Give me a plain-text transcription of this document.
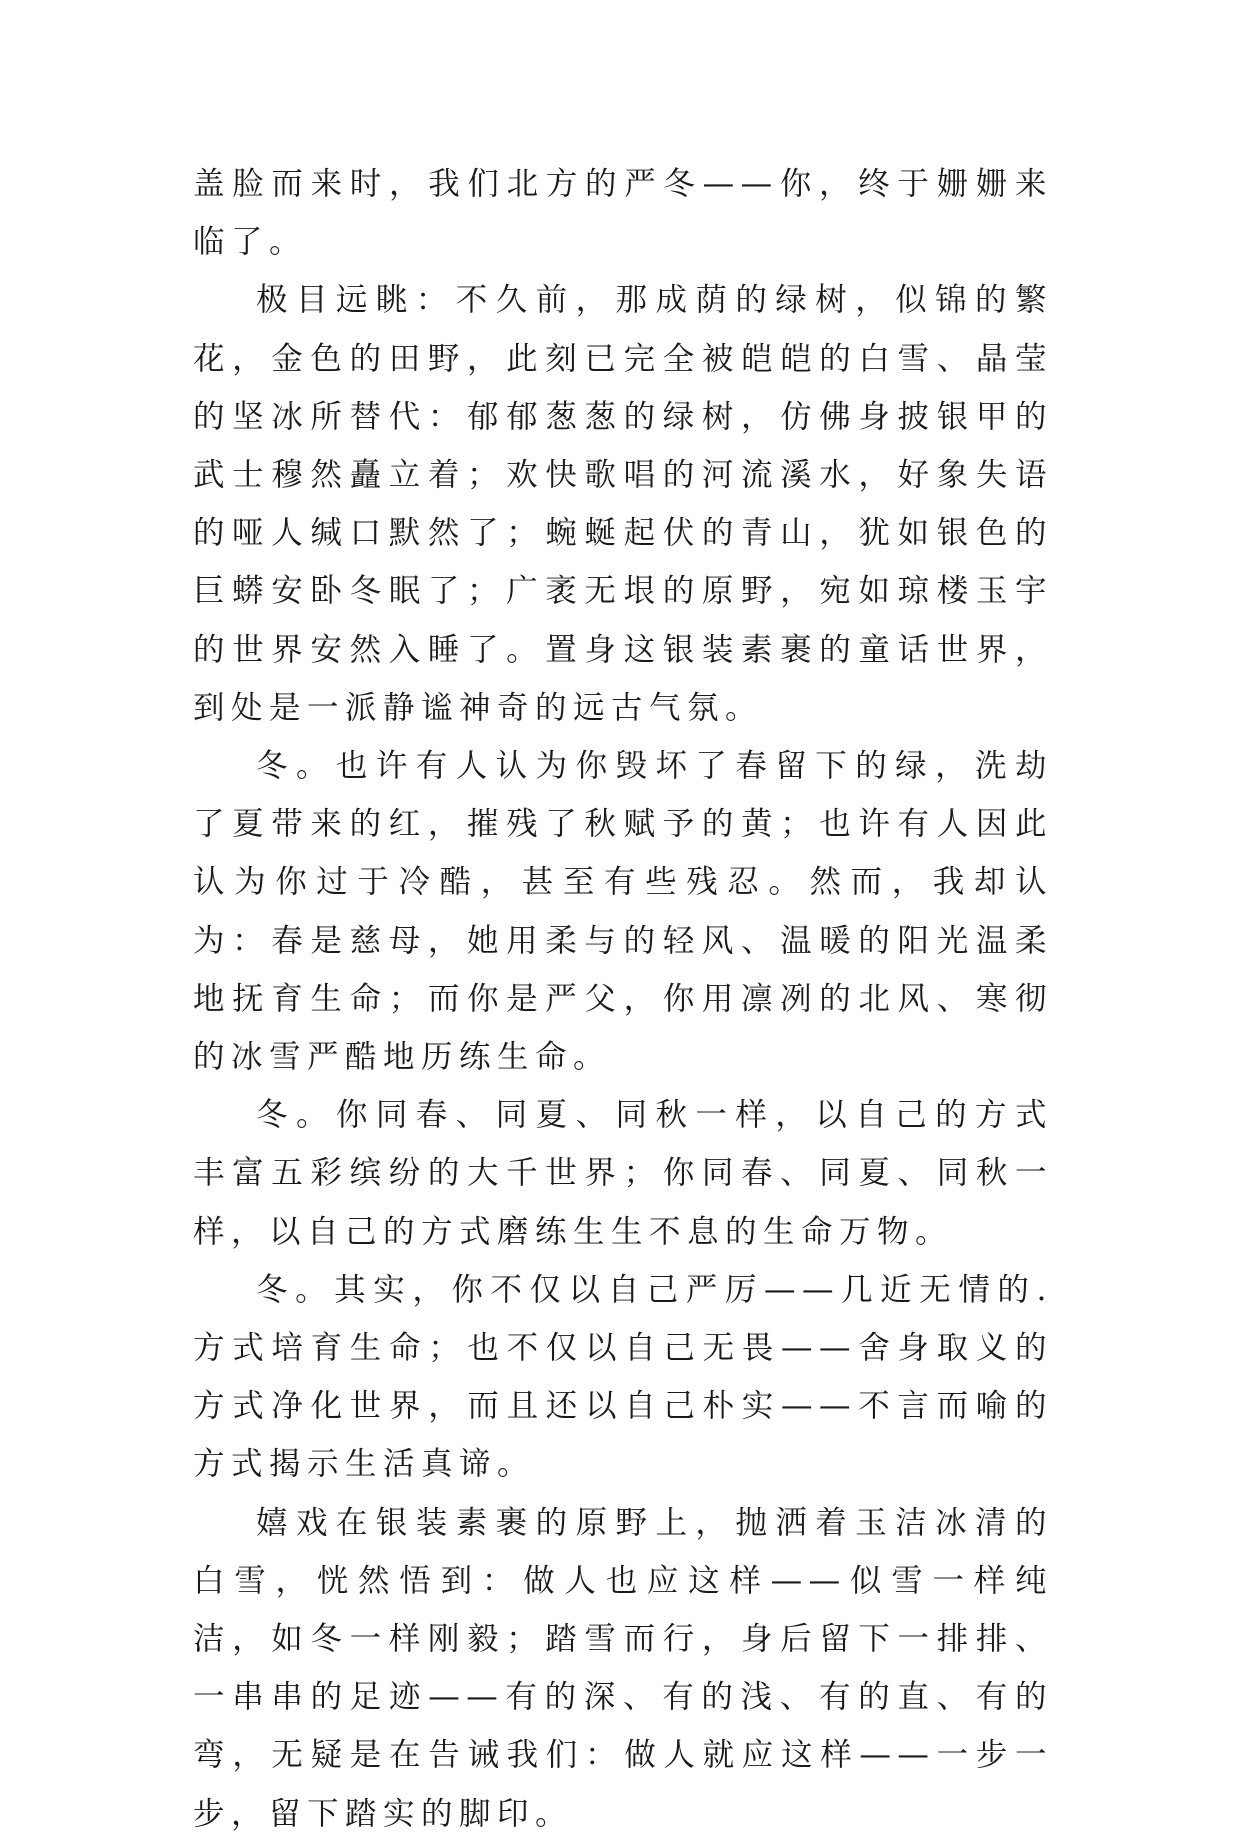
盖脸而来时，我们北方的严冬——你，终于姗姗来临了。

极目远眺：不久前，那成荫的绿树，似锦的繁花，金色的田野，此刻已完全被皑皑的白雪、晶莹的坚冰所替代：郁郁葱葱的绿树，仿佛身披银甲的武士穆然矗立着；欢快歌唱的河流溪水，好象失语的哑人缄口默然了；蜿蜒起伏的青山，犹如银色的巨蟒安卧冬眠了；广袤无垠的原野，宛如琼楼玉宇的世界安然入睡了。置身这银装素裹的童话世界，到处是一派静谧神奇的远古气氛。

冬。也许有人认为你毁坏了春留下的绿，洗劫了夏带来的红，摧残了秋赋予的黄；也许有人因此认为你过于冷酷，甚至有些残忍。然而，我却认为：春是慈母，她用柔与的轻风、温暖的阳光温柔地抚育生命；而你是严父，你用凛冽的北风、寒彻的冰雪严酷地历练生命。

冬。你同春、同夏、同秋一样，以自己的方式丰富五彩缤纷的大千世界；你同春、同夏、同秋一样，以自己的方式磨练生生不息的生命万物。

冬。其实，你不仅以自己严厉——几近无情的.方式培育生命；也不仅以自己无畏——舍身取义的方式净化世界，而且还以自己朴实——不言而喻的方式揭示生活真谛。

嬉戏在银装素裹的原野上，抛洒着玉洁冰清的白雪，恍然悟到：做人也应这样——似雪一样纯洁，如冬一样刚毅；踏雪而行，身后留下一排排、一串串的足迹——有的深、有的浅、有的直、有的弯，无疑是在告诫我们：做人就应这样——一步一步，留下踏实的脚印。
